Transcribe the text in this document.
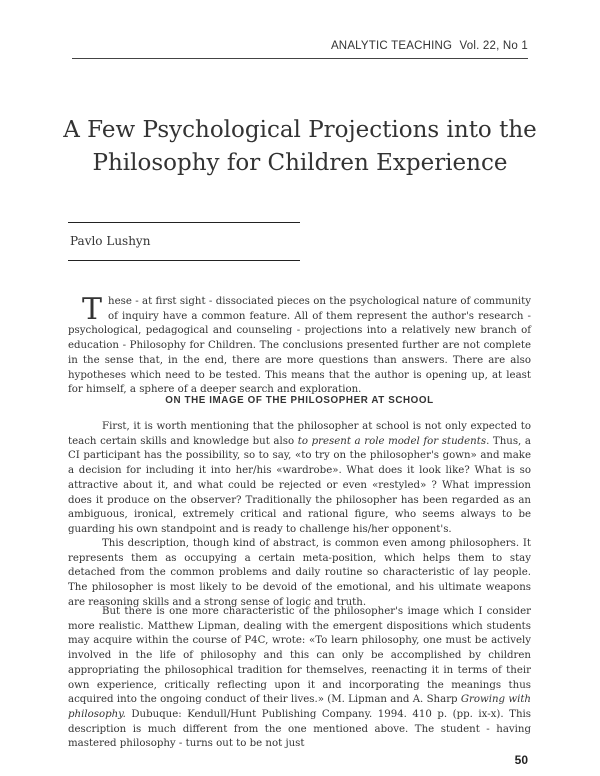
ANALYTIC TEACHING Vol. 22, No 1
A Few Psychological Projections into the
Philosophy for Children Experience
Pavlo Lushyn
These - at first sight - dissociated pieces on the psychological nature of community of inquiry have a common feature. All of them represent the author's research - psychological, pedagogical and counseling - projections into a relatively new branch of education - Philosophy for Children. The conclusions presented further are not complete in the sense that, in the end, there are more questions than answers. There are also hypotheses which need to be tested. This means that the author is opening up, at least for himself, a sphere of a deeper search and exploration.
ON THE IMAGE OF THE PHILOSOPHER AT SCHOOL

First, it is worth mentioning that the philosopher at school is not only expected to teach certain skills and knowledge but also to present a role model for students. Thus, a CI participant has the possibility, so to say, «to try on the philosopher's gown» and make a decision for including it into her/his «wardrobe». What does it look like? What is so attractive about it, and what could be rejected or even «restyled» ? What impression does it produce on the observer? Traditionally the philosopher has been regarded as an ambiguous, ironical, extremely critical and rational figure, who seems always to be guarding his own standpoint and is ready to challenge his/her opponent's.

This description, though kind of abstract, is common even among philosophers. It represents them as occupying a certain meta-position, which helps them to stay detached from the common problems and daily routine so characteristic of lay people. The philosopher is most likely to be devoid of the emotional, and his ultimate weapons are reasoning skills and a strong sense of logic and truth.

But there is one more characteristic of the philosopher's image which I consider more realistic. Matthew Lipman, dealing with the emergent dispositions which students may acquire within the course of P4C, wrote: «To learn philosophy, one must be actively involved in the life of philosophy and this can only be accomplished by children appropriating the philosophical tradition for themselves, reenacting it in terms of their own experience, critically reflecting upon it and incorporating the meanings thus acquired into the ongoing conduct of their lives.» (M. Lipman and A. Sharp Growing with philosophy. Dubuque: Kendull/Hunt Publishing Company. 1994. 410 p. (pp. ix-x). This description is much different from the one mentioned above. The student - having mastered philosophy - turns out to be not just

50
